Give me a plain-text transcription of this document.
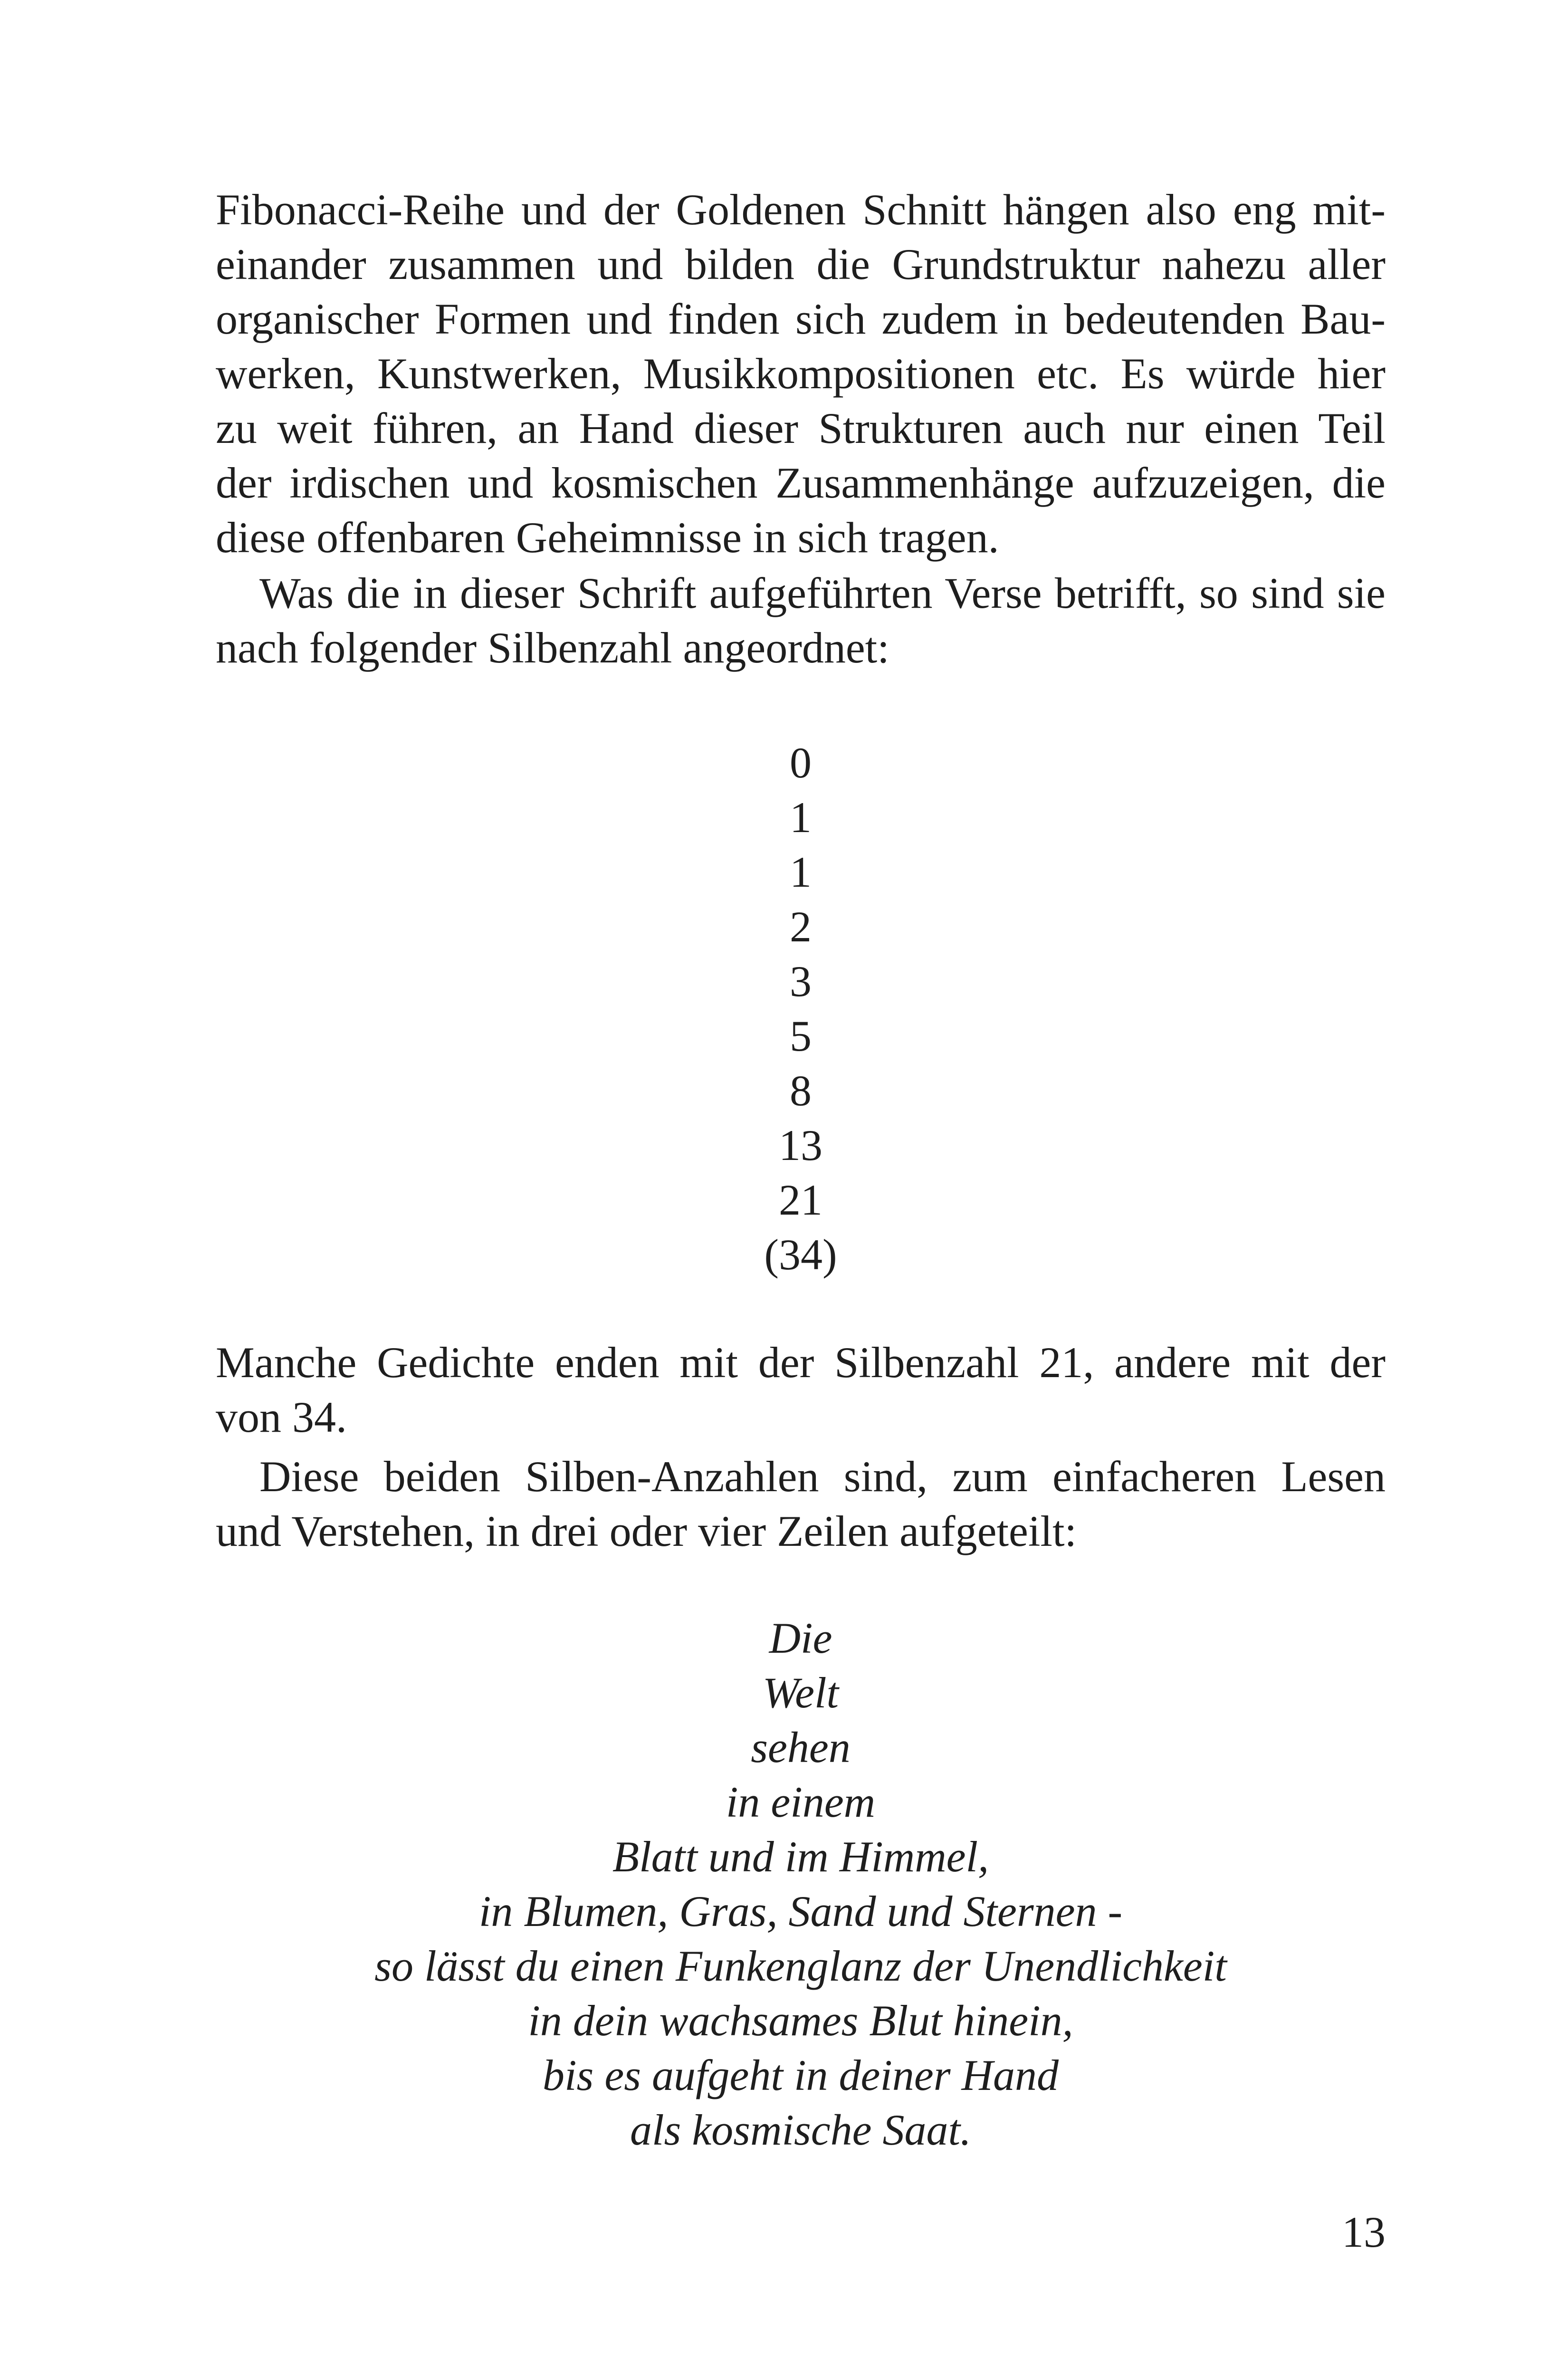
Fibonacci-Reihe und der Goldenen Schnitt hängen also eng mit-
einander zusammen und bilden die Grundstruktur nahezu aller
organischer Formen und finden sich zudem in bedeutenden Bau-
werken, Kunstwerken, Musikkompositionen etc. Es würde hier
zu weit führen, an Hand dieser Strukturen auch nur einen Teil
der irdischen und kosmischen Zusammenhänge aufzuzeigen, die
diese offenbaren Geheimnisse in sich tragen.
Was die in dieser Schrift aufgeführten Verse betrifft, so sind sie
nach folgender Silbenzahl angeordnet:
0
1
1
2
3
5
8
13
21
(34)
Manche Gedichte enden mit der Silbenzahl 21, andere mit der
von 34.
Diese beiden Silben-Anzahlen sind, zum einfacheren Lesen
und Verstehen, in drei oder vier Zeilen aufgeteilt:
Die
Welt
sehen
in einem
Blatt und im Himmel,
in Blumen, Gras, Sand und Sternen -
so lässt du einen Funkenglanz der Unendlichkeit
in dein wachsames Blut hinein,
bis es aufgeht in deiner Hand
als kosmische Saat.
13
